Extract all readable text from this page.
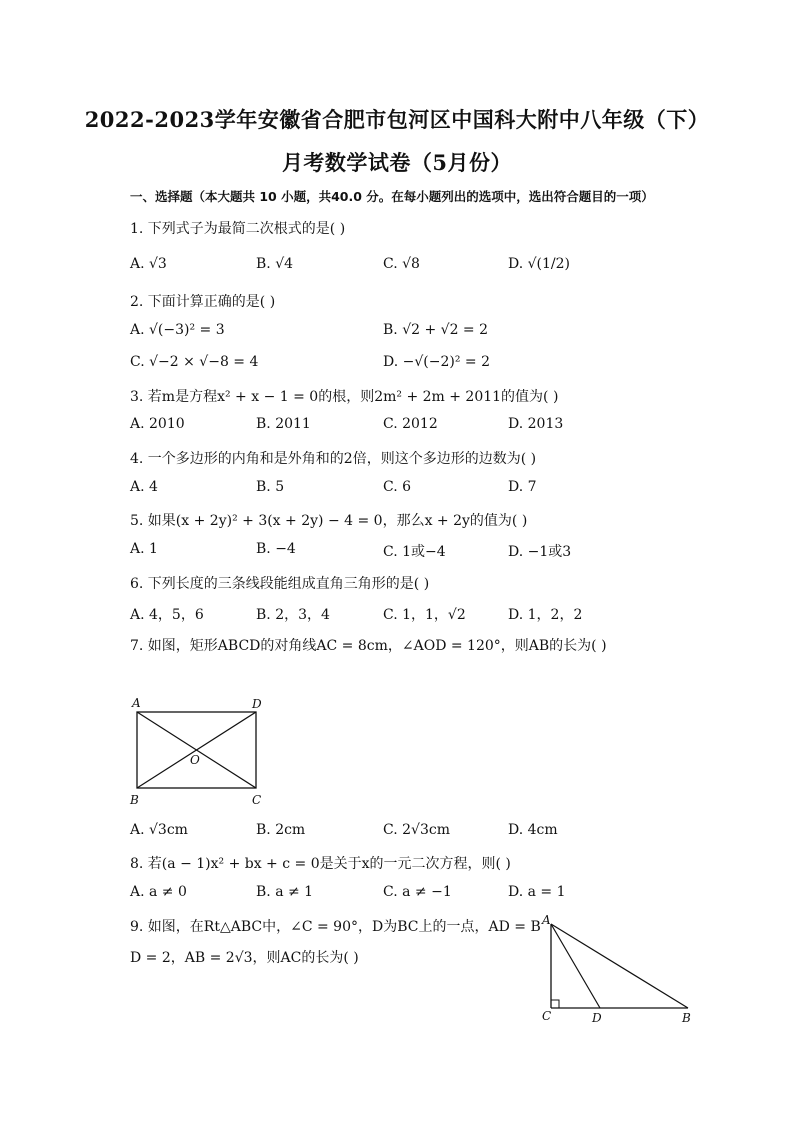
2022-2023学年安徽省合肥市包河区中国科大附中八年级（下）
月考数学试卷（5月份）
一、选择题（本大题共 10 小题，共40.0 分。在每小题列出的选项中，选出符合题目的一项）
1. 下列式子为最简二次根式的是( )
A. √3	B. √4	C. √8	D. √(1/2)
2. 下面计算正确的是( )
A. √(−3)² = 3	B. √2 + √2 = 2
C. √−2 × √−8 = 4	D. −√(−2)² = 2
3. 若m是方程x² + x − 1 = 0的根，则2m² + 2m + 2011的值为( )
A. 2010	B. 2011	C. 2012	D. 2013
4. 一个多边形的内角和是外角和的2倍，则这个多边形的边数为( )
A. 4	B. 5	C. 6	D. 7
5. 如果(x + 2y)² + 3(x + 2y) − 4 = 0，那么x + 2y的值为( )
A. 1	B. −4	C. 1或−4	D. −1或3
6. 下列长度的三条线段能组成直角三角形的是( )
A. 4，5，6	B. 2，3，4	C. 1，1，√2	D. 1，2，2
7. 如图，矩形ABCD的对角线AC = 8cm，∠AOD = 120°，则AB的长为( )
A	D
O
B	C
A. √3cm	B. 2cm	C. 2√3cm	D. 4cm
8. 若(a − 1)x² + bx + c = 0是关于x的一元二次方程，则( )
A. a ≠ 0	B. a ≠ 1	C. a ≠ −1	D. a = 1
9. 如图，在Rt△ABC中，∠C = 90°，D为BC上的一点，AD = B
D = 2，AB = 2√3，则AC的长为( )
A
C	D	B
